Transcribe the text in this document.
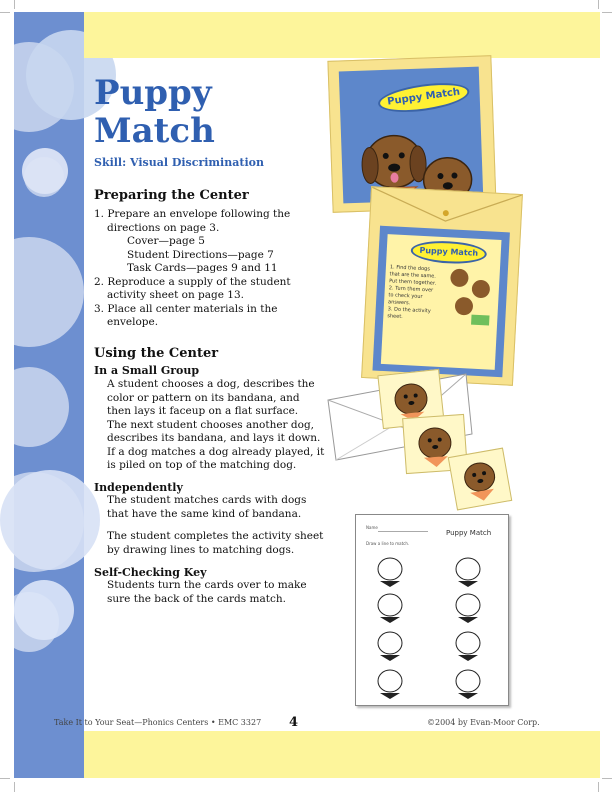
Puppy
Match
Skill: Visual Discrimination
Preparing the Center
1. Prepare an envelope following the
directions on page 3.
Cover—page 5
Student Directions—page 7
Task Cards—pages 9 and 11
2. Reproduce a supply of the student
activity sheet on page 13.
3. Place all center materials in the
envelope.
Using the Center
In a Small Group
A student chooses a dog, describes the
color or pattern on its bandana, and
then lays it faceup on a flat surface.
The next student chooses another dog,
describes its bandana, and lays it down.
If a dog matches a dog already played, it
is piled on top of the matching dog.
Independently
The student matches cards with dogs
that have the same kind of bandana.
The student completes the activity sheet
by drawing lines to matching dogs.
Self-Checking Key
Students turn the cards over to make
sure the back of the cards match.
Puppy Match
Puppy Match
1. Find the dogs that are the same. Put them together.
2. Turn them over to check your answers.
3. Do the activity sheet.
Name
Puppy Match
Draw a line to match.
Take It to Your Seat—Phonics Centers • EMC 3327 4	©2004 by Evan-Moor Corp.
